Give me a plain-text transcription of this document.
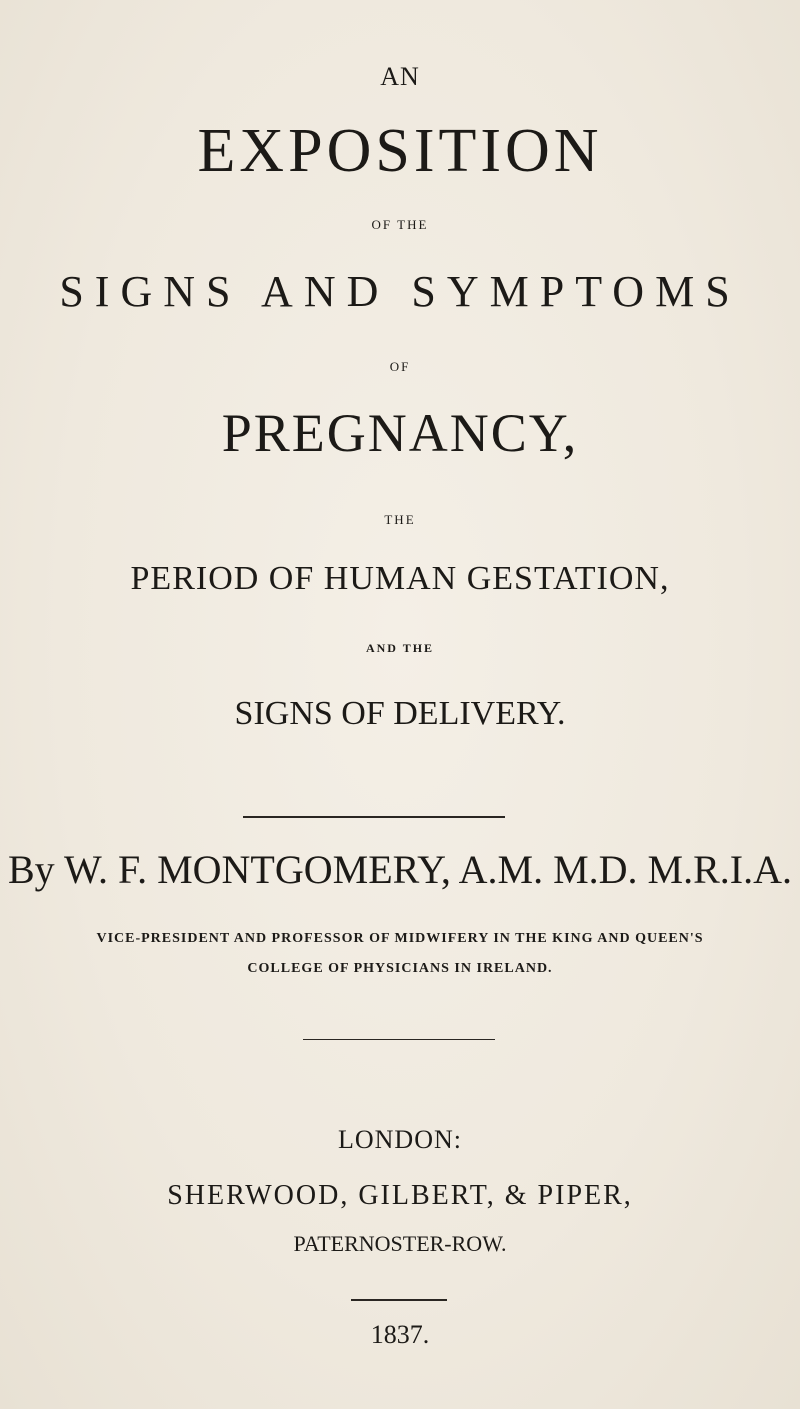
AN
EXPOSITION
OF THE
SIGNS AND SYMPTOMS
OF
PREGNANCY,
THE
PERIOD OF HUMAN GESTATION,
AND THE
SIGNS OF DELIVERY.
By W. F. MONTGOMERY, A.M. M.D. M.R.I.A.
VICE-PRESIDENT AND PROFESSOR OF MIDWIFERY IN THE KING AND QUEEN'S
COLLEGE OF PHYSICIANS IN IRELAND.
LONDON:
SHERWOOD, GILBERT, & PIPER,
PATERNOSTER-ROW.
1837.
